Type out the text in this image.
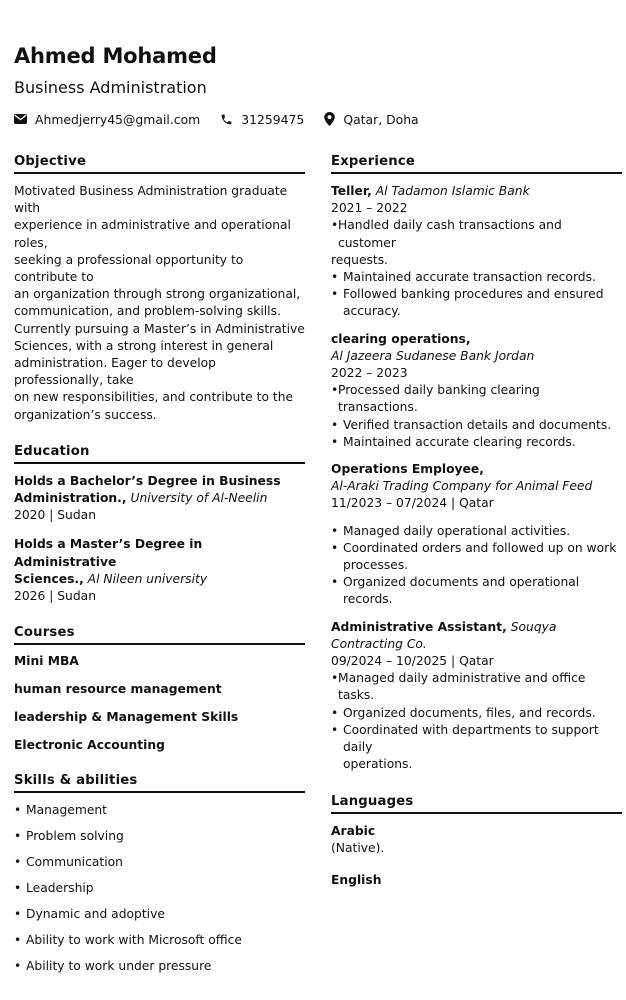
Ahmed Mohamed
Business Administration
Ahmedjerry45@gmail.com	31259475	Qatar, Doha
Objective
Motivated Business Administration graduate with
experience in administrative and operational roles,
seeking a professional opportunity to contribute to
an organization through strong organizational,
communication, and problem-solving skills.
Currently pursuing a Master’s in Administrative
Sciences, with a strong interest in general
administration. Eager to develop professionally, take
on new responsibilities, and contribute to the
organization’s success.
Education
Holds a Bachelor’s Degree in Business
Administration., University of Al-Neelin
2020 | Sudan
Holds a Master’s Degree in Administrative
Sciences., Al Nileen university
2026 | Sudan
Courses
Mini MBA
human resource management
leadership & Management Skills
Electronic Accounting
Skills & abilities
• Management
• Problem solving
• Communication
• Leadership
• Dynamic and adoptive
• Ability to work with Microsoft office
• Ability to work under pressure
Experience
Teller, Al Tadamon Islamic Bank
2021 – 2022
• Handled daily cash transactions and customer
requests.
• Maintained accurate transaction records.
• Followed banking procedures and ensured
accuracy.
clearing operations,
Al Jazeera Sudanese Bank Jordan
2022 – 2023
• Processed daily banking clearing transactions.
• Verified transaction details and documents.
• Maintained accurate clearing records.
Operations Employee,
Al-Araki Trading Company for Animal Feed
11/2023 – 07/2024 | Qatar
• Managed daily operational activities.
• Coordinated orders and followed up on work
processes.
• Organized documents and operational records.
Administrative Assistant, Souqya Contracting Co.
09/2024 – 10/2025 | Qatar
• Managed daily administrative and office tasks.
• Organized documents, files, and records.
• Coordinated with departments to support daily
operations.
Languages
Arabic
(Native).
English
